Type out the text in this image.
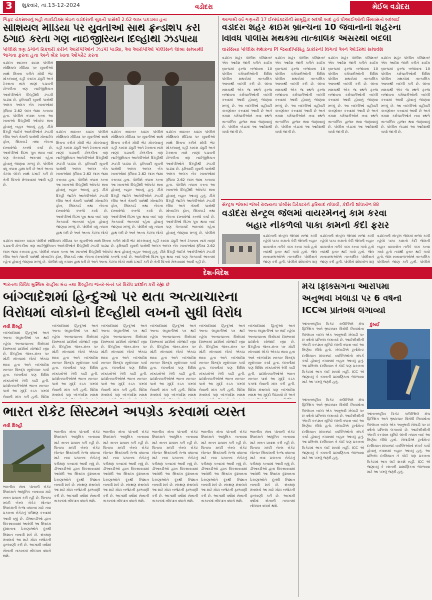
3	શુક્રવાર, તા.13-12-2024	વડોદરા	મેઈલ વડોદરા
ગિફ્ટ ચેકસબાનું મહી નાર્કોટીક્સ મેઇન વડોદરાની યુવતી પાસેથી 2.62 લાખ પકડાયા હતા
સોશિયલ મીડિયા પર યુવતીઓ સાથે ફ્રેન્ડશિપ કરી
ઠગાઈ કરતા ગણ નાઈજીરિયન દિલ્હીથી ઝડપાયા
પોલીસે ત્રણ ઠગોને રિકવરી કરીને આરોપીઓને ઝડપી પાડ્યા, આ આરોપીઓ પોલીસને લાંબા સમયથી ભાગતા ફરતા હતા અને બેંક ખાતા ઓપરેટ કરતા
વડોદરા સાઇબર ક્રાઇમ પોલીસે સોશિયલ મીડિયા પર યુવતીઓ સાથે મિત્રતા કરીને મોંઘી ભેટ મોકલવાનું કહી કસ્ટમ ડ્યુટી અને ટેક્સના નામે નાણાં પડાવતી ટોળકીના ત્રણ નાઈજીરિયન આરોપીઓને દિલ્હીથી ઝડપી પાડ્યા છે. ફરિયાદી યુવતી પાસેથી અલગ અલગ બેંક ખાતાઓમાં રૂપિયા 2.62 લાખ જમા કરાવ્યા હતા. પોલીસે તપાસ કરતા આ ખાતાઓ દિલ્હીથી ઓપરેટ થતા હોવાનું બહાર આવ્યું હતું. ટીમે દિલ્હી જઈને આરોપીઓને ઝડપી લીધા અને તેમની પાસેથી મોબાઈલ ફોન, સિમકાર્ડ તથા બેંકના દસ્તાવેજો કબજે કર્યા છે. આરોપીઓ વિઝા પૂરા થયા બાદ પણ ગેરકાયદે ભારતમાં રહેતા હોવાનું જાણવા મળ્યું છે. પોલીસે વધુ તપાસ હાથ ધરી છે અને અન્ય કેટલા લોકો સાથે ઠગાઈ કરી છે તેની વિગતો મેળવવામાં આવી રહી છે.
વડોદરા સાઇબર ક્રાઇમ પોલીસે સોશિયલ મીડિયા પર યુવતીઓ સાથે મિત્રતા કરીને મોંઘી ભેટ મોકલવાનું કહી કસ્ટમ ડ્યુટી અને ટેક્સના નામે નાણાં પડાવતી ટોળકીના ત્રણ નાઈજીરિયન આરોપીઓને દિલ્હીથી ઝડપી પાડ્યા છે. ફરિયાદી યુવતી પાસેથી અલગ અલગ બેંક ખાતાઓમાં રૂપિયા 2.62 લાખ જમા કરાવ્યા હતા. પોલીસે તપાસ કરતા આ ખાતાઓ દિલ્હીથી ઓપરેટ થતા હોવાનું બહાર આવ્યું હતું. ટીમે દિલ્હી જઈને આરોપીઓને ઝડપી લીધા અને તેમની પાસેથી મોબાઈલ ફોન, સિમકાર્ડ તથા બેંકના દસ્તાવેજો કબજે કર્યા છે. આરોપીઓ વિઝા પૂરા થયા બાદ પણ ગેરકાયદે ભારતમાં રહેતા હોવાનું જાણવા મળ્યું છે. પોલીસે વધુ તપાસ હાથ ધરી છે અને અન્ય કેટલા લોકો
વડોદરા સાઇબર ક્રાઇમ પોલીસે સોશિયલ મીડિયા પર યુવતીઓ સાથે મિત્રતા કરીને મોંઘી ભેટ મોકલવાનું કહી કસ્ટમ ડ્યુટી અને ટેક્સના નામે નાણાં પડાવતી ટોળકીના ત્રણ નાઈજીરિયન આરોપીઓને દિલ્હીથી ઝડપી પાડ્યા છે. ફરિયાદી યુવતી પાસેથી અલગ અલગ બેંક ખાતાઓમાં રૂપિયા 2.62 લાખ જમા કરાવ્યા હતા. પોલીસે તપાસ કરતા આ ખાતાઓ દિલ્હીથી ઓપરેટ થતા હોવાનું બહાર આવ્યું હતું. ટીમે દિલ્હી જઈને આરોપીઓને ઝડપી લીધા અને તેમની પાસેથી મોબાઈલ ફોન, સિમકાર્ડ તથા બેંકના દસ્તાવેજો કબજે કર્યા છે. આરોપીઓ વિઝા પૂરા થયા બાદ પણ ગેરકાયદે ભારતમાં રહેતા હોવાનું જાણવા મળ્યું છે. પોલીસે વધુ તપાસ હાથ ધરી છે અને અન્ય કેટલા લોકો
વડોદરા સાઇબર ક્રાઇમ પોલીસે સોશિયલ મીડિયા પર યુવતીઓ સાથે મિત્રતા કરીને મોંઘી ભેટ મોકલવાનું કહી કસ્ટમ ડ્યુટી અને ટેક્સના નામે નાણાં પડાવતી ટોળકીના ત્રણ નાઈજીરિયન આરોપીઓને દિલ્હીથી ઝડપી પાડ્યા છે. ફરિયાદી યુવતી પાસેથી અલગ અલગ બેંક ખાતાઓમાં રૂપિયા 2.62 લાખ જમા કરાવ્યા હતા. પોલીસે તપાસ કરતા આ ખાતાઓ દિલ્હીથી ઓપરેટ થતા હોવાનું બહાર આવ્યું હતું. ટીમે દિલ્હી જઈને આરોપીઓને ઝડપી લીધા અને તેમની પાસેથી મોબાઈલ ફોન, સિમકાર્ડ તથા બેંકના દસ્તાવેજો કબજે કર્યા છે. આરોપીઓ વિઝા પૂરા થયા બાદ પણ ગેરકાયદે ભારતમાં રહેતા હોવાનું જાણવા મળ્યું છે. પોલીસે
આગામી વર્ષે ગણતરી 17 ઈન્સ્પેક્ટરોની સામૂહિક બદલી બાદ હવે પીઆઈઓની સિયાસતો બદલાઈ
વડોદરા શહેર ક્રાઈમ બ્રાન્ચના 10 જવાનોની શહેરના
વિવિધ પોલીસ મથકમાં તાત્કાલિક અસરથી બદલી
વારસિયા પોલીસ મથકના PI જયદીપસિંહ ઠાકોરની વિગતો અને ઓર્ડરમાં સમાવેશ
વડોદરા શહેર પોલીસ કમિશનરે એક આદેશ જારી કરીને ક્રાઈમ બ્રાન્ચમાં ફરજ બજાવતા 10 પોલીસ કર્મચારીઓની વિવિધ પોલીસ મથકોમાં તાત્કાલિક અસરથી બદલી કરી છે. લાંબા સમયથી એક જ સ્થળે ફરજ બજાવતા કર્મચારીઓની બદલી કરવામાં આવી હોવાનું જાણવા મળ્યું છે. આ બદલીઓ વહીવટી કારણોસર કરવામાં આવી છે અને તમામ કર્મચારીઓને નવા સ્થળે તાત્કાલિક હાજર થવા જણાવાયું છે. પોલીસ બેડામાં આ આદેશથી ચર્ચા જાગી છે.
વડોદરા શહેર પોલીસ કમિશનરે એક આદેશ જારી કરીને ક્રાઈમ બ્રાન્ચમાં ફરજ બજાવતા 10 પોલીસ કર્મચારીઓની વિવિધ પોલીસ મથકોમાં તાત્કાલિક અસરથી બદલી કરી છે. લાંબા સમયથી એક જ સ્થળે ફરજ બજાવતા કર્મચારીઓની બદલી કરવામાં આવી હોવાનું જાણવા મળ્યું છે. આ બદલીઓ વહીવટી કારણોસર કરવામાં આવી છે અને તમામ કર્મચારીઓને નવા સ્થળે તાત્કાલિક હાજર થવા જણાવાયું છે. પોલીસ બેડામાં આ આદેશથી ચર્ચા જાગી છે.
વડોદરા શહેર પોલીસ કમિશનરે એક આદેશ જારી કરીને ક્રાઈમ બ્રાન્ચમાં ફરજ બજાવતા 10 પોલીસ કર્મચારીઓની વિવિધ પોલીસ મથકોમાં તાત્કાલિક અસરથી બદલી કરી છે. લાંબા સમયથી એક જ સ્થળે ફરજ બજાવતા કર્મચારીઓની બદલી કરવામાં આવી હોવાનું જાણવા મળ્યું છે. આ બદલીઓ વહીવટી કારણોસર કરવામાં આવી છે અને તમામ કર્મચારીઓને નવા સ્થળે તાત્કાલિક હાજર થવા જણાવાયું છે. પોલીસ બેડામાં આ આદેશથી ચર્ચા જાગી છે.
વડોદરા શહેર પોલીસ કમિશનરે એક આદેશ જારી કરીને ક્રાઈમ બ્રાન્ચમાં ફરજ બજાવતા 10 પોલીસ કર્મચારીઓની વિવિધ પોલીસ મથકોમાં તાત્કાલિક અસરથી બદલી કરી છે. લાંબા સમયથી એક જ સ્થળે ફરજ બજાવતા કર્મચારીઓની બદલી કરવામાં આવી હોવાનું જાણવા મળ્યું છે. આ બદલીઓ વહીવટી કારણોસર કરવામાં આવી છે અને તમામ કર્મચારીઓને નવા સ્થળે તાત્કાલિક હાજર થવા જણાવાયું છે. પોલીસ બેડામાં આ આદેશથી ચર્ચા જાગી છે.
સેન્ટ્રલ જેલમાં જેલરે રાજ્યના પોલીસ ડિરેક્ટરને ફરિયાદ નોંધાવી, કેદીની શોધખોળ 88
વડોદરા સેન્ટ્રલ જેલમાં વાયરમેનનું કામ કરવા
બહાર નીકળેલો પાકા કામનો કેદી ફરાર
વડોદરાની સેન્ટ્રલ જેલમાં સજા કાપી રહેલો પાકા કામનો કેદી જેલની બહાર વાયરમેન તરીકે કામ કરવા ગયો હતો ત્યાંથી ફરાર થઈ ગયો હતો. જેલ સત્તાવાળાઓએ તાત્કાલિક પોલીસને જાણ કરી હતી. પોલીસે શોધખોળ શરૂ
વડોદરાની સેન્ટ્રલ જેલમાં સજા કાપી રહેલો પાકા કામનો કેદી જેલની બહાર વાયરમેન તરીકે કામ કરવા ગયો હતો ત્યાંથી ફરાર થઈ ગયો હતો. જેલ સત્તાવાળાઓએ તાત્કાલિક પોલીસને જાણ કરી હતી. પોલીસે શોધખોળ શરૂ
વડોદરાની સેન્ટ્રલ જેલમાં સજા કાપી રહેલો પાકા કામનો કેદી જેલની બહાર વાયરમેન તરીકે કામ કરવા ગયો હતો ત્યાંથી ફરાર થઈ ગયો હતો. જેલ સત્તાવાળાઓએ તાત્કાલિક પોલીસને જાણ કરી હતી. પોલીસે
વડોદરા સાઇબર ક્રાઇમ પોલીસે સોશિયલ મીડિયા પર યુવતીઓ સાથે મિત્રતા કરીને મોંઘી ભેટ મોકલવાનું કહી કસ્ટમ ડ્યુટી અને ટેક્સના નામે નાણાં પડાવતી ટોળકીના ત્રણ નાઈજીરિયન આરોપીઓને દિલ્હીથી ઝડપી પાડ્યા છે. ફરિયાદી યુવતી પાસેથી અલગ અલગ બેંક ખાતાઓમાં રૂપિયા 2.62 લાખ જમા કરાવ્યા હતા. પોલીસે તપાસ કરતા આ ખાતાઓ દિલ્હીથી ઓપરેટ થતા હોવાનું બહાર આવ્યું હતું. ટીમે દિલ્હી જઈને આરોપીઓને ઝડપી લીધા અને તેમની પાસેથી મોબાઈલ ફોન, સિમકાર્ડ તથા બેંકના દસ્તાવેજો કબજે કર્યા છે. આરોપીઓ વિઝા પૂરા થયા બાદ પણ ગેરકાયદે ભારતમાં રહેતા હોવાનું જાણવા મળ્યું છે. પોલીસે વધુ તપાસ હાથ ધરી છે અને અન્ય કેટલા લોકો સાથે ઠગાઈ કરી છે તેની વિગતો મેળવવામાં આવી રહી છે.
દેશ-વિદેશ
ભારતના વિવિધ મુસ્લિમ રાષ્ટ્રીય મંચ તથા દિલ્હીના જંતર-મંતર પર વિરોધ પ્રદર્શન કરી રહ્યા છે
બાંગ્લાદેશમાં હિન્દુઓ પર થતા અત્યાચારના
વિરોધમાં લોકોનો દિલ્હીથી લખનૌ સુધી વિરોધ
નવી દિલ્હી
બાંગ્લાદેશમાં હિન્દુઓ અને અન્ય લઘુમતીઓ પર થઈ રહેલા અત્યાચારના વિરોધમાં દેશભરમાં પ્રદર્શનો યોજાઈ રહ્યા છે. દિલ્હીના જંતર-મંતર પર મોટી સંખ્યામાં લોકો એકઠા થયા હતા અને બાંગ્લાદેશ સરકાર વિરુદ્ધ સૂત્રોચ્ચાર કર્યા હતા. લખનૌમાં પણ વિવિધ સંગઠનોએ રેલી કાઢી હતી. પ્રદર્શનકારીઓએ ભારત સરકાર પાસે આ મુદ્દે કડક પગલાં લેવાની માંગ કરી હતી. વિદેશ
બાંગ્લાદેશમાં હિન્દુઓ અને અન્ય લઘુમતીઓ પર થઈ રહેલા અત્યાચારના વિરોધમાં દેશભરમાં પ્રદર્શનો યોજાઈ રહ્યા છે. દિલ્હીના જંતર-મંતર પર મોટી સંખ્યામાં લોકો એકઠા થયા હતા અને બાંગ્લાદેશ સરકાર વિરુદ્ધ સૂત્રોચ્ચાર કર્યા હતા. લખનૌમાં પણ વિવિધ સંગઠનોએ રેલી કાઢી હતી. પ્રદર્શનકારીઓએ ભારત સરકાર પાસે આ મુદ્દે કડક પગલાં લેવાની માંગ કરી હતી. વિદેશ મંત્રાલયે પણ બાંગ્લાદેશ સમક્ષ
બાંગ્લાદેશમાં હિન્દુઓ અને અન્ય લઘુમતીઓ પર થઈ રહેલા અત્યાચારના વિરોધમાં દેશભરમાં પ્રદર્શનો યોજાઈ રહ્યા છે. દિલ્હીના જંતર-મંતર પર મોટી સંખ્યામાં લોકો એકઠા થયા હતા અને બાંગ્લાદેશ સરકાર વિરુદ્ધ સૂત્રોચ્ચાર કર્યા હતા. લખનૌમાં પણ વિવિધ સંગઠનોએ રેલી કાઢી હતી. પ્રદર્શનકારીઓએ ભારત સરકાર પાસે આ મુદ્દે કડક પગલાં લેવાની માંગ કરી હતી. વિદેશ મંત્રાલયે પણ બાંગ્લાદેશ સમક્ષ
બાંગ્લાદેશમાં હિન્દુઓ અને અન્ય લઘુમતીઓ પર થઈ રહેલા અત્યાચારના વિરોધમાં દેશભરમાં પ્રદર્શનો યોજાઈ રહ્યા છે. દિલ્હીના જંતર-મંતર પર મોટી સંખ્યામાં લોકો એકઠા થયા હતા અને બાંગ્લાદેશ સરકાર વિરુદ્ધ સૂત્રોચ્ચાર કર્યા હતા. લખનૌમાં પણ વિવિધ સંગઠનોએ રેલી કાઢી હતી. પ્રદર્શનકારીઓએ ભારત સરકાર પાસે આ મુદ્દે કડક પગલાં લેવાની માંગ કરી હતી. વિદેશ મંત્રાલયે પણ બાંગ્લાદેશ સમક્ષ
બાંગ્લાદેશમાં હિન્દુઓ અને અન્ય લઘુમતીઓ પર થઈ રહેલા અત્યાચારના વિરોધમાં દેશભરમાં પ્રદર્શનો યોજાઈ રહ્યા છે. દિલ્હીના જંતર-મંતર પર મોટી સંખ્યામાં લોકો એકઠા થયા હતા અને બાંગ્લાદેશ સરકાર વિરુદ્ધ સૂત્રોચ્ચાર કર્યા હતા. લખનૌમાં પણ વિવિધ સંગઠનોએ રેલી કાઢી હતી. પ્રદર્શનકારીઓએ ભારત સરકાર પાસે આ મુદ્દે કડક પગલાં લેવાની માંગ કરી હતી. વિદેશ મંત્રાલયે પણ બાંગ્લાદેશ સમક્ષ
બાંગ્લાદેશમાં હિન્દુઓ અને અન્ય લઘુમતીઓ પર થઈ રહેલા અત્યાચારના વિરોધમાં દેશભરમાં પ્રદર્શનો યોજાઈ રહ્યા છે. દિલ્હીના જંતર-મંતર પર મોટી સંખ્યામાં લોકો એકઠા થયા હતા અને બાંગ્લાદેશ સરકાર વિરુદ્ધ સૂત્રોચ્ચાર કર્યા હતા. લખનૌમાં પણ વિવિધ સંગઠનોએ રેલી કાઢી હતી. પ્રદર્શનકારીઓએ ભારત સરકાર પાસે આ મુદ્દે કડક પગલાં લેવાની માંગ કરી હતી. વિદેશ મંત્રાલયે પણ બાંગ્લાદેશ સમક્ષ આ મુદ્દો ઉઠાવ્યો છે અને
ભારત રોકેટ સિસ્ટમને અપગ્રેડ કરવામાં વ્યસ્ત
નવી દિલ્હી
ભારતીય સેના પોતાની રોકેટ સિસ્ટમને આધુનિક બનાવવા માટે સતત પ્રયાસ કરી રહી છે. પિનાકા મલ્ટી બેરલ રોકેટ લોન્ચર સિસ્ટમની રેન્જ વધારવા માટે નવા પ્રકારના રોકેટનું પરીક્ષણ કરવામાં આવી રહ્યું છે. ડીઆરડીઓ દ્વારા વિકસાવવામાં આવેલી આ સિસ્ટમ દુશ્મનના ઠેકાણાઓને દૂરથી નિશાન બનાવી શકે છે. સંરક્ષણ મંત્રાલયે આ માટે મોટા બજેટની ફાળવણી કરી છે. આગામી વર્ષોમાં સેનાની તાકાતમાં નોંધપાત્ર વધારો થશે.
ભારતીય સેના પોતાની રોકેટ સિસ્ટમને આધુનિક બનાવવા માટે સતત પ્રયાસ કરી રહી છે. પિનાકા મલ્ટી બેરલ રોકેટ લોન્ચર સિસ્ટમની રેન્જ વધારવા માટે નવા પ્રકારના રોકેટનું પરીક્ષણ કરવામાં આવી રહ્યું છે. ડીઆરડીઓ દ્વારા વિકસાવવામાં આવેલી આ સિસ્ટમ દુશ્મનના ઠેકાણાઓને દૂરથી નિશાન બનાવી શકે છે. સંરક્ષણ મંત્રાલયે આ માટે મોટા બજેટની ફાળવણી કરી છે. આગામી વર્ષોમાં સેનાની તાકાતમાં નોંધપાત્ર વધારો થશે.
ભારતીય સેના પોતાની રોકેટ સિસ્ટમને આધુનિક બનાવવા માટે સતત પ્રયાસ કરી રહી છે. પિનાકા મલ્ટી બેરલ રોકેટ લોન્ચર સિસ્ટમની રેન્જ વધારવા માટે નવા પ્રકારના રોકેટનું પરીક્ષણ કરવામાં આવી રહ્યું છે. ડીઆરડીઓ દ્વારા વિકસાવવામાં આવેલી આ સિસ્ટમ દુશ્મનના ઠેકાણાઓને દૂરથી નિશાન બનાવી શકે છે. સંરક્ષણ મંત્રાલયે આ માટે મોટા બજેટની ફાળવણી કરી છે. આગામી વર્ષોમાં સેનાની તાકાતમાં નોંધપાત્ર વધારો થશે.
ભારતીય સેના પોતાની રોકેટ સિસ્ટમને આધુનિક બનાવવા માટે સતત પ્રયાસ કરી રહી છે. પિનાકા મલ્ટી બેરલ રોકેટ લોન્ચર સિસ્ટમની રેન્જ વધારવા માટે નવા પ્રકારના રોકેટનું પરીક્ષણ કરવામાં આવી રહ્યું છે. ડીઆરડીઓ દ્વારા વિકસાવવામાં આવેલી આ સિસ્ટમ દુશ્મનના ઠેકાણાઓને દૂરથી નિશાન બનાવી શકે છે. સંરક્ષણ મંત્રાલયે આ માટે મોટા બજેટની ફાળવણી કરી છે. આગામી વર્ષોમાં સેનાની તાકાતમાં નોંધપાત્ર વધારો થશે.
ભારતીય સેના પોતાની રોકેટ સિસ્ટમને આધુનિક બનાવવા માટે સતત પ્રયાસ કરી રહી છે. પિનાકા મલ્ટી બેરલ રોકેટ લોન્ચર સિસ્ટમની રેન્જ વધારવા માટે નવા પ્રકારના રોકેટનું પરીક્ષણ કરવામાં આવી રહ્યું છે. ડીઆરડીઓ દ્વારા વિકસાવવામાં આવેલી આ સિસ્ટમ દુશ્મનના ઠેકાણાઓને દૂરથી નિશાન બનાવી શકે છે. સંરક્ષણ મંત્રાલયે આ માટે મોટા બજેટની ફાળવણી કરી છે. આગામી વર્ષોમાં સેનાની તાકાતમાં નોંધપાત્ર વધારો થશે.
ભારતીય સેના પોતાની રોકેટ સિસ્ટમને આધુનિક બનાવવા માટે સતત પ્રયાસ કરી રહી છે. પિનાકા મલ્ટી બેરલ રોકેટ લોન્ચર સિસ્ટમની રેન્જ વધારવા માટે નવા પ્રકારના રોકેટનું પરીક્ષણ કરવામાં આવી રહ્યું છે. ડીઆરડીઓ દ્વારા વિકસાવવામાં આવેલી આ સિસ્ટમ દુશ્મનના ઠેકાણાઓને દૂરથી નિશાન બનાવી શકે છે. સંરક્ષણ મંત્રાલયે આ માટે મોટા બજેટની ફાળવણી કરી છે. આગામી વર્ષોમાં સેનાની તાકાતમાં નોંધપાત્ર વધારો થશે.
મેચ ફિક્સિંગના આરોપમાં
અનુભવી ખેલાડી પર 6 વર્ષનો
ICCએ પ્રતિબંધ લગાવ્યો
દુબઈ
આંતરરાષ્ટ્રીય ક્રિકેટ કાઉન્સિલે મેચ ફિક્સિંગ અને ભ્રષ્ટાચાર વિરોધી નિયમોના ઉલ્લંઘન બદલ એક અનુભવી ખેલાડી પર છ વર્ષનો પ્રતિબંધ લગાવ્યો છે. આઈસીસીની એન્ટી કરપ્શન યુનિટે લાંબી તપાસ બાદ આ નિર્ણય લીધો હતો. ખેલાડીએ ટુર્નામેન્ટ દરમિયાન શંકાસ્પદ વ્યક્તિઓનો સંપર્ક કર્યો હોવાનું તપાસમાં બહાર આવ્યું હતું. આ પ્રતિબંધ દરમિયાન તે કોઈ પણ પ્રકારના ક્રિકેટમાં ભાગ લઈ શકશે નહીં. ICC એ જણાવ્યું કે રમતની પ્રામાણિકતા જાળવવા માટે આ પગલું જરૂરી હતું.
આંતરરાષ્ટ્રીય ક્રિકેટ કાઉન્સિલે મેચ ફિક્સિંગ અને ભ્રષ્ટાચાર વિરોધી નિયમોના ઉલ્લંઘન બદલ એક અનુભવી ખેલાડી પર છ વર્ષનો પ્રતિબંધ લગાવ્યો છે. આઈસીસીની એન્ટી કરપ્શન યુનિટે લાંબી તપાસ બાદ આ નિર્ણય લીધો હતો. ખેલાડીએ ટુર્નામેન્ટ દરમિયાન શંકાસ્પદ વ્યક્તિઓનો સંપર્ક કર્યો હોવાનું તપાસમાં બહાર આવ્યું હતું. આ પ્રતિબંધ દરમિયાન તે કોઈ પણ પ્રકારના ક્રિકેટમાં ભાગ લઈ શકશે નહીં. ICC એ જણાવ્યું કે રમતની પ્રામાણિકતા જાળવવા માટે આ પગલું જરૂરી હતું.
આંતરરાષ્ટ્રીય ક્રિકેટ કાઉન્સિલે મેચ ફિક્સિંગ અને ભ્રષ્ટાચાર વિરોધી નિયમોના ઉલ્લંઘન બદલ એક અનુભવી ખેલાડી પર છ વર્ષનો પ્રતિબંધ લગાવ્યો છે. આઈસીસીની એન્ટી કરપ્શન યુનિટે લાંબી તપાસ બાદ આ નિર્ણય લીધો હતો. ખેલાડીએ ટુર્નામેન્ટ દરમિયાન શંકાસ્પદ વ્યક્તિઓનો સંપર્ક કર્યો હોવાનું તપાસમાં બહાર આવ્યું હતું. આ પ્રતિબંધ દરમિયાન તે કોઈ પણ પ્રકારના ક્રિકેટમાં ભાગ લઈ શકશે નહીં. ICC એ જણાવ્યું કે રમતની પ્રામાણિકતા જાળવવા માટે આ પગલું જરૂરી હતું.
